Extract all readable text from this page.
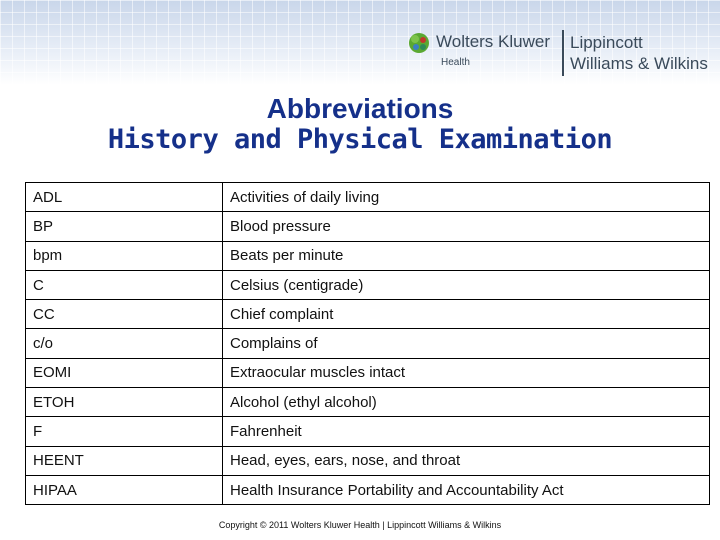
Wolters Kluwer
Health
Lippincott
Williams & Wilkins
Abbreviations
History and Physical Examination
ADL	Activities of daily living
BP	Blood pressure
bpm	Beats per minute
C	Celsius (centigrade)
CC	Chief complaint
c/o	Complains of
EOMI	Extraocular muscles intact
ETOH	Alcohol (ethyl alcohol)
F	Fahrenheit
HEENT	Head, eyes, ears, nose, and throat
HIPAA	Health Insurance Portability and Accountability Act
Copyright © 2011 Wolters Kluwer Health | Lippincott Williams & Wilkins
